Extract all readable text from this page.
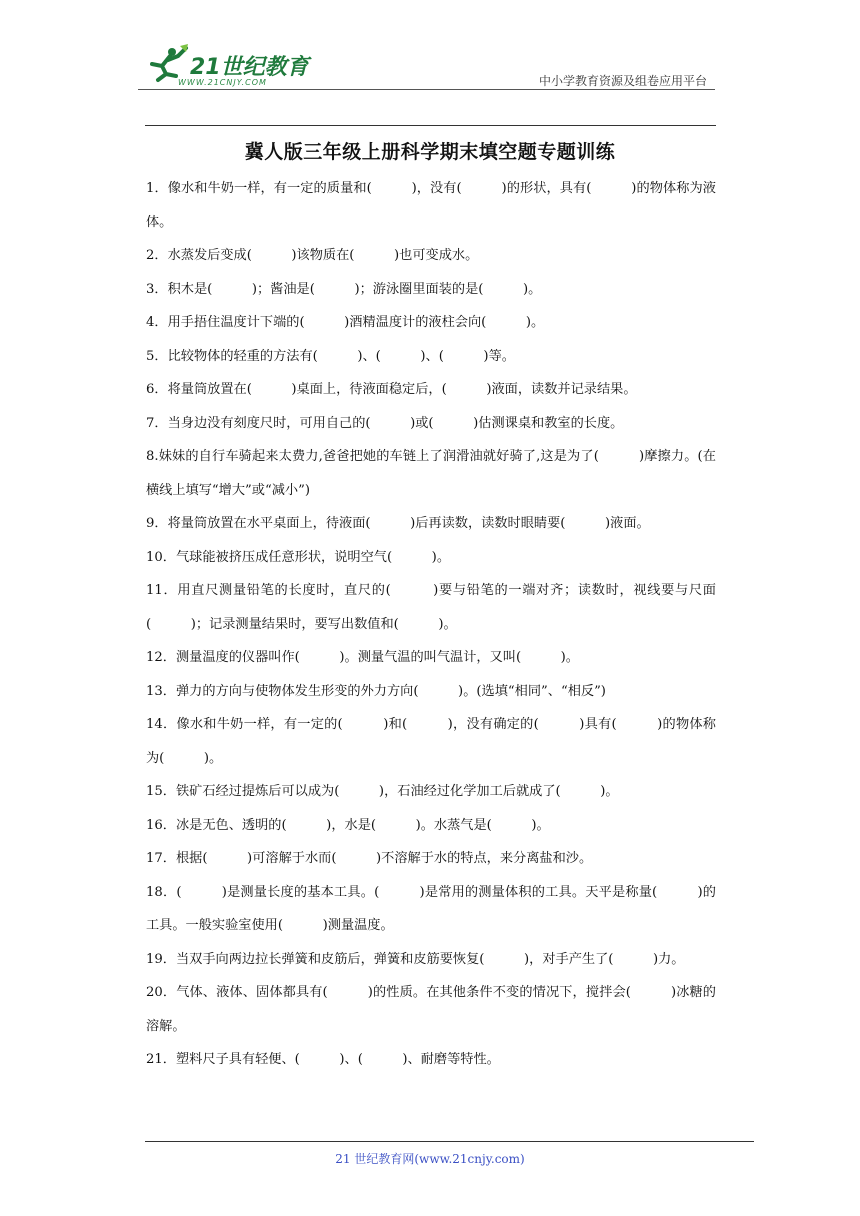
21世纪教育
WWW.21CNJY.COM	中小学教育资源及组卷应用平台
冀人版三年级上册科学期末填空题专题训练

1．像水和牛奶一样，有一定的质量和(　　　)，没有(　　　)的形状，具有(　　　)的物体称为液体。

2．水蒸发后变成(　　　)该物质在(　　　)也可变成水。

3．积木是(　　　)；酱油是(　　　)；游泳圈里面装的是(　　　)。

4．用手捂住温度计下端的(　　　)酒精温度计的液柱会向(　　　)。

5．比较物体的轻重的方法有(　　　)、(　　　)、(　　　)等。

6．将量筒放置在(　　　)桌面上，待液面稳定后，(　　　)液面，读数并记录结果。

7．当身边没有刻度尺时，可用自己的(　　　)或(　　　)估测课桌和教室的长度。

8.妹妹的自行车骑起来太费力,爸爸把她的车链上了润滑油就好骑了,这是为了(　　　)摩擦力。(在横线上填写“增大”或“减小”)

9．将量筒放置在水平桌面上，待液面(　　　)后再读数，读数时眼睛要(　　　)液面。

10．气球能被挤压成任意形状，说明空气(　　　)。

11．用直尺测量铅笔的长度时，直尺的(　　　)要与铅笔的一端对齐；读数时，视线要与尺面(　　　)；记录测量结果时，要写出数值和(　　　)。

12．测量温度的仪器叫作(　　　)。测量气温的叫气温计，又叫(　　　)。

13．弹力的方向与使物体发生形变的外力方向(　　　)。(选填“相同”、“相反”)

14．像水和牛奶一样，有一定的(　　　)和(　　　)，没有确定的(　　　)具有(　　　)的物体称为(　　　)。

15．铁矿石经过提炼后可以成为(　　　)，石油经过化学加工后就成了(　　　)。

16．冰是无色、透明的(　　　)，水是(　　　)。水蒸气是(　　　)。

17．根据(　　　)可溶解于水而(　　　)不溶解于水的特点，来分离盐和沙。

18．(　　　)是测量长度的基本工具。(　　　)是常用的测量体积的工具。天平是称量(　　　)的工具。一般实验室使用(　　　)测量温度。

19．当双手向两边拉长弹簧和皮筋后，弹簧和皮筋要恢复(　　　)，对手产生了(　　　)力。

20．气体、液体、固体都具有(　　　)的性质。在其他条件不变的情况下，搅拌会(　　　)冰糖的溶解。

21．塑料尺子具有轻便、(　　　)、(　　　)、耐磨等特性。

21 世纪教育网(www.21cnjy.com)
